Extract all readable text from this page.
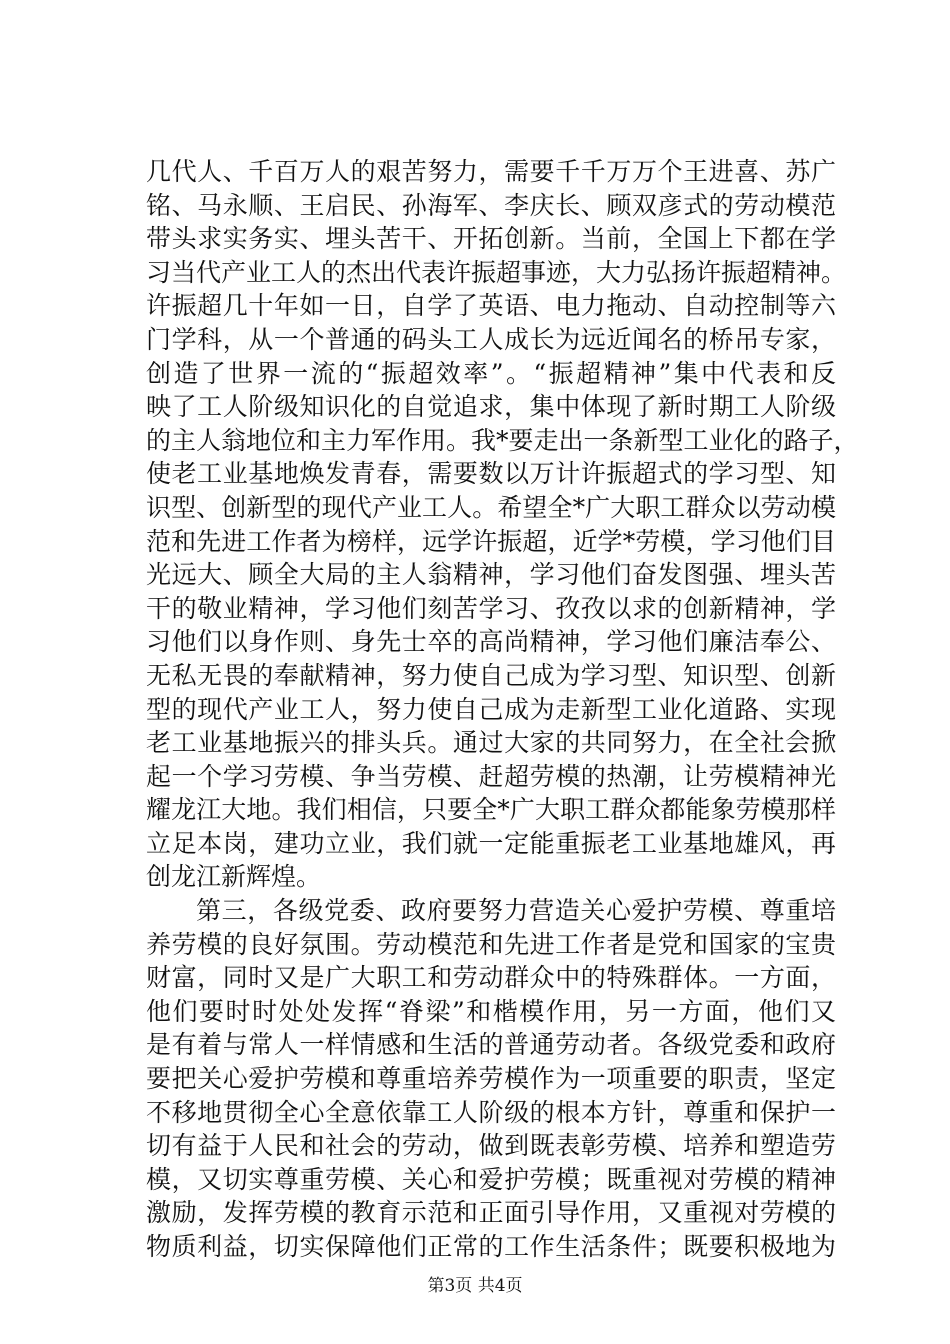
几代人、千百万人的艰苦努力，需要千千万万个王进喜、苏广
铭、马永顺、王启民、孙海军、李庆长、顾双彦式的劳动模范
带头求实务实、埋头苦干、开拓创新。当前，全国上下都在学
习当代产业工人的杰出代表许振超事迹，大力弘扬许振超精神。
许振超几十年如一日，自学了英语、电力拖动、自动控制等六
门学科，从一个普通的码头工人成长为远近闻名的桥吊专家，
创造了世界一流的“振超效率”。“振超精神”集中代表和反
映了工人阶级知识化的自觉追求，集中体现了新时期工人阶级
的主人翁地位和主力军作用。我*要走出一条新型工业化的路子，
使老工业基地焕发青春，需要数以万计许振超式的学习型、知
识型、创新型的现代产业工人。希望全*广大职工群众以劳动模
范和先进工作者为榜样，远学许振超，近学*劳模，学习他们目
光远大、顾全大局的主人翁精神，学习他们奋发图强、埋头苦
干的敬业精神，学习他们刻苦学习、孜孜以求的创新精神，学
习他们以身作则、身先士卒的高尚精神，学习他们廉洁奉公、
无私无畏的奉献精神，努力使自己成为学习型、知识型、创新
型的现代产业工人，努力使自己成为走新型工业化道路、实现
老工业基地振兴的排头兵。通过大家的共同努力，在全社会掀
起一个学习劳模、争当劳模、赶超劳模的热潮，让劳模精神光
耀龙江大地。我们相信，只要全*广大职工群众都能象劳模那样
立足本岗，建功立业，我们就一定能重振老工业基地雄风，再
创龙江新辉煌。
第三，各级党委、政府要努力营造关心爱护劳模、尊重培
养劳模的良好氛围。劳动模范和先进工作者是党和国家的宝贵
财富，同时又是广大职工和劳动群众中的特殊群体。一方面，
他们要时时处处发挥“脊梁”和楷模作用，另一方面，他们又
是有着与常人一样情感和生活的普通劳动者。各级党委和政府
要把关心爱护劳模和尊重培养劳模作为一项重要的职责，坚定
不移地贯彻全心全意依靠工人阶级的根本方针，尊重和保护一
切有益于人民和社会的劳动，做到既表彰劳模、培养和塑造劳
模，又切实尊重劳模、关心和爱护劳模；既重视对劳模的精神
激励，发挥劳模的教育示范和正面引导作用，又重视对劳模的
物质利益，切实保障他们正常的工作生活条件；既要积极地为
第3页 共4页
